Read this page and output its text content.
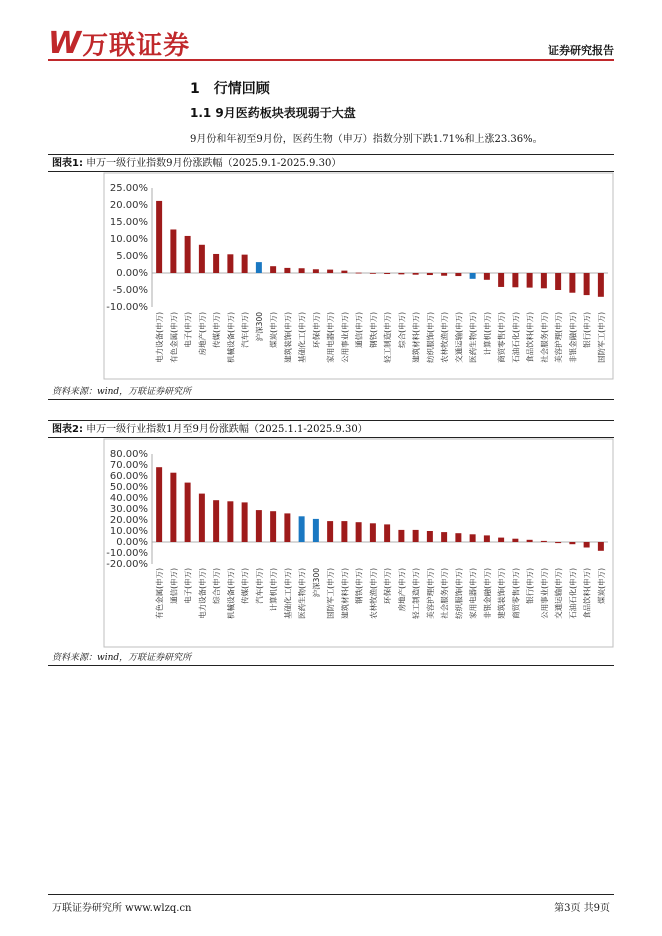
W 万联证券	证券研究报告
1　行情回顾
1.1 9月医药板块表现弱于大盘
9月份和年初至9月份，医药生物（申万）指数分别下跌1.71%和上涨23.36%。
图表1: 申万一级行业指数9月份涨跌幅（2025.9.1-2025.9.30）
25.00%
20.00%
15.00%
10.00%
5.00%
0.00%
-5.00%
-10.00%
电力设备(申万) 有色金属(申万) 电子(申万) 房地产(申万) 传媒(申万) 机械设备(申万) 汽车(申万) 沪深300 煤炭(申万) 建筑装饰(申万) 基础化工(申万) 环保(申万) 家用电器(申万) 公用事业(申万) 通信(申万) 钢铁(申万) 轻工制造(申万) 综合(申万) 建筑材料(申万) 纺织服饰(申万) 农林牧渔(申万) 交通运输(申万) 医药生物(申万) 计算机(申万) 商贸零售(申万) 石油石化(申万) 食品饮料(申万) 社会服务(申万) 美容护理(申万) 非银金融(申万) 银行(申万) 国防军工(申万)
资料来源：wind，万联证券研究所
图表2: 申万一级行业指数1月至9月份涨跌幅（2025.1.1-2025.9.30）
80.00%
70.00%
60.00%
50.00%
40.00%
30.00%
20.00%
10.00%
0.00%
-10.00%
-20.00%
有色金属(申万) 通信(申万) 电子(申万) 电力设备(申万) 综合(申万) 机械设备(申万) 传媒(申万) 汽车(申万) 计算机(申万) 基础化工(申万) 医药生物(申万) 沪深300 国防军工(申万) 建筑材料(申万) 钢铁(申万) 农林牧渔(申万) 环保(申万) 房地产(申万) 轻工制造(申万) 美容护理(申万) 社会服务(申万) 纺织服饰(申万) 家用电器(申万) 非银金融(申万) 建筑装饰(申万) 商贸零售(申万) 银行(申万) 公用事业(申万) 交通运输(申万) 石油石化(申万) 食品饮料(申万) 煤炭(申万)
资料来源：wind，万联证券研究所
万联证券研究所 www.wlzq.cn	第3页 共9页
